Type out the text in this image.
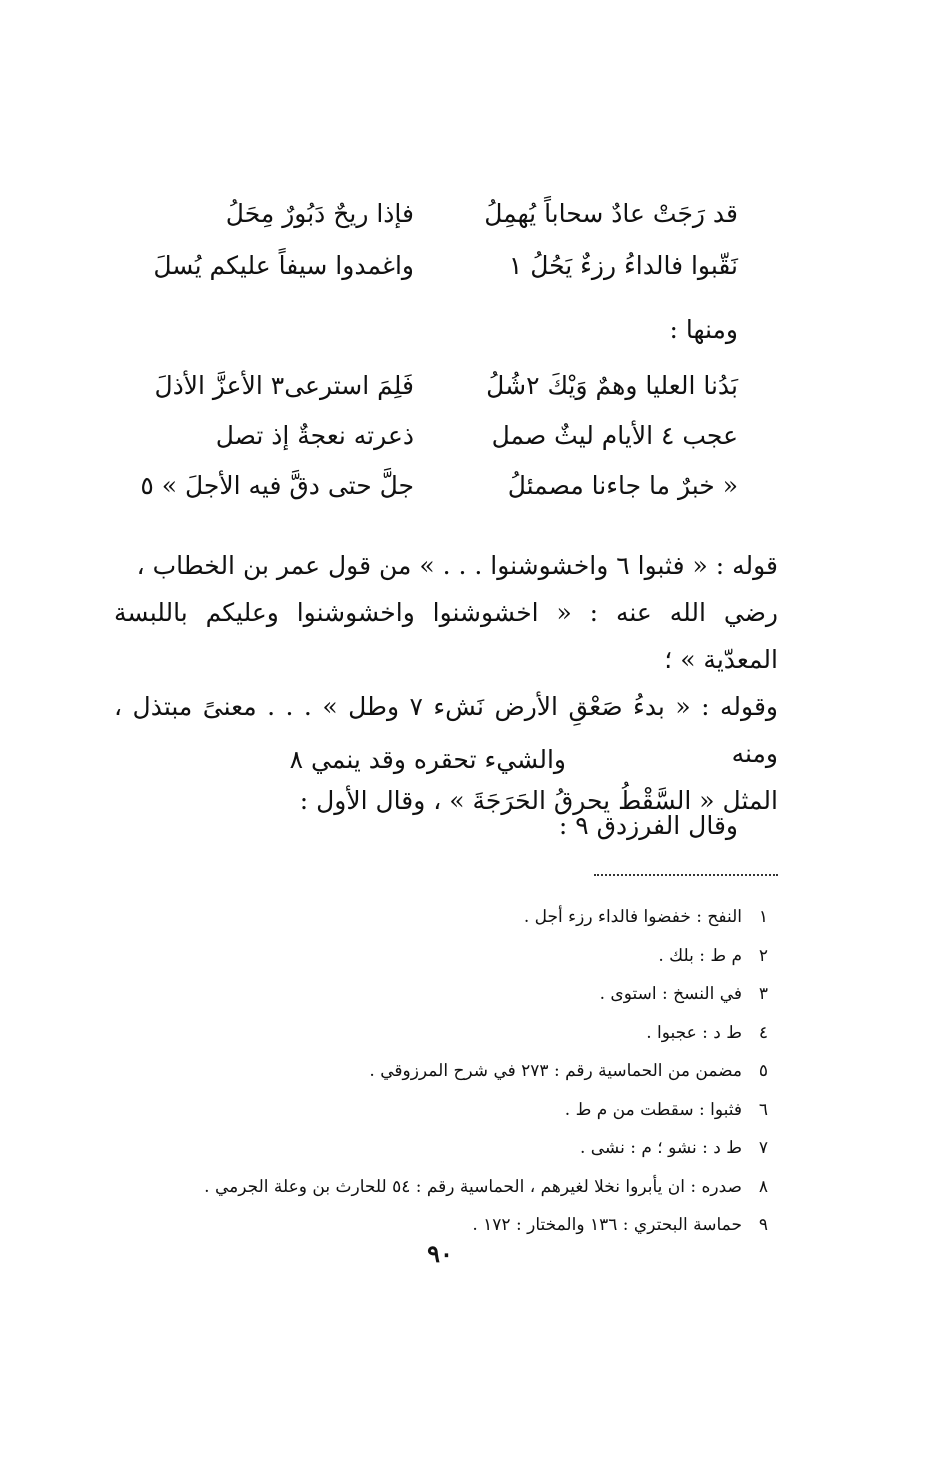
قد رَجَتْ عادٌ سحاباً يُهمِلُ
فإذا ريحٌ دَبُورٌ مِحَلُ
نَقّبوا فالداءُ رزءٌ يَحُلُ ١
واغمدوا سيفاً عليكم يُسلَ
ومنها :
بَدُنا العليا وهمٌ وَيْكَ ٢شُلُ
فَلِمَ استرعى٣ الأعزَّ الأذلَ
عجب ٤ الأيام ليثٌ صمل
ذعرته نعجةٌ إذ تصل
« خبرٌ ما جاءنا مصمئلُ
جلَّ حتى دقَّ فيه الأجلَ » ٥

قوله : « فثبوا ٦ واخشوشنوا . . . » من قول عمر بن الخطاب ،

رضي الله عنه : « اخشوشنوا واخشوشنوا وعليكم باللبسة المعدّية » ؛

وقوله : « بدءُ صَعْقِ الأرض نَشء ٧ وطل » . . . معنىً مبتذل ، ومنه

المثل « السَّقْطُ يحرقُ الحَرَجَةَ » ، وقال الأول :

والشيء تحقره وقد ينمي ٨
وقال الفرزدق ٩ :
١النفح : خفضوا فالداء رزء أجل .
٢م ط : بلك .
٣في النسخ : استوى .
٤ط د : عجبوا .
٥مضمن من الحماسية رقم : ٢٧٣ في شرح المرزوقي .
٦فثبوا : سقطت من م ط .
٧ط د : نشو ؛ م : نشى .
٨صدره : ان يأبروا نخلا لغيرهم ، الحماسية رقم : ٥٤ للحارث بن وعلة الجرمي .
٩حماسة البحتري : ١٣٦ والمختار : ١٧٢ .
٩٠
